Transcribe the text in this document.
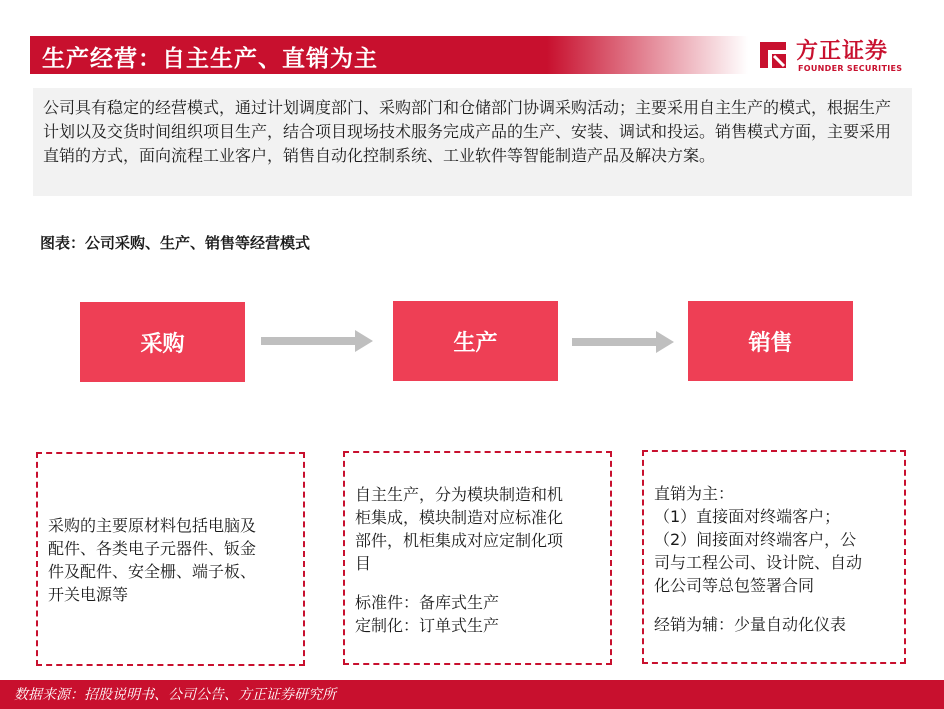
生产经营：自主生产、直销为主	方正证券
FOUNDER SECURITIES
公司具有稳定的经营模式，通过计划调度部门、采购部门和仓储部门协调采购活动；主要采用自主生产的模式，根据生产计划以及交货时间组织项目生产，结合项目现场技术服务完成产品的生产、安装、调试和投运。销售模式方面，主要采用直销的方式，面向流程工业客户，销售自动化控制系统、工业软件等智能制造产品及解决方案。
图表：公司采购、生产、销售等经营模式
采购	生产	销售
采购的主要原材料包括电脑及
配件、各类电子元器件、钣金
件及配件、安全栅、端子板、
开关电源等
自主生产，分为模块制造和机
柜集成，模块制造对应标准化
部件，机柜集成对应定制化项
目
标准件：备库式生产
定制化：订单式生产
直销为主：
（1）直接面对终端客户；
（2）间接面对终端客户，公
司与工程公司、设计院、自动
化公司等总包签署合同
经销为辅：少量自动化仪表
数据来源：招股说明书、公司公告、方正证券研究所
